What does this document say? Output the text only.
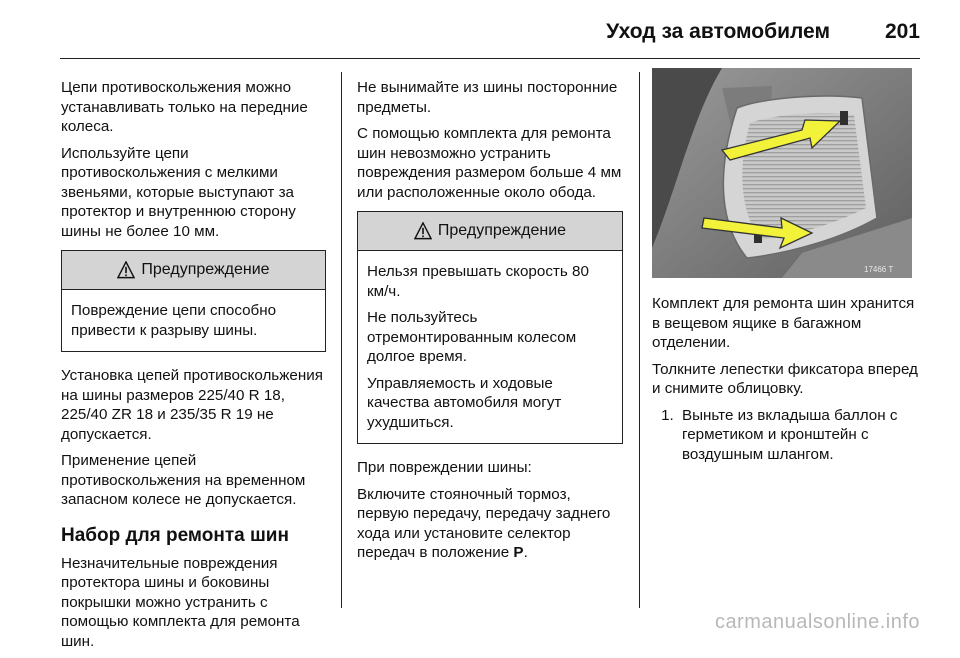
Уход за автомобилем	201

Цепи противоскольжения можно устанавливать только на передние колеса.

Используйте цепи противоскольжения с мелкими звеньями, которые выступают за протектор и внутреннюю сторону шины не более 10 мм.

Предупреждение

Повреждение цепи способно привести к разрыву шины.

Установка цепей противоскольжения на шины размеров 225/40 R 18, 225/40 ZR 18 и 235/35 R 19 не допускается.

Применение цепей противоскольжения на временном запасном колесе не допускается.

Набор для ремонта шин

Незначительные повреждения протектора шины и боковины покрышки можно устранить с помощью комплекта для ремонта шин.

Не вынимайте из шины посторонние предметы.

С помощью комплекта для ремонта шин невозможно устранить повреждения размером больше 4 мм или расположенные около обода.

Предупреждение

Нельзя превышать скорость 80 км/ч.

Не пользуйтесь отремонтированным колесом долгое время.

Управляемость и ходовые качества автомобиля могут ухудшиться.

При повреждении шины:

Включите стояночный тормоз, первую передачу, передачу заднего хода или установите селектор передач в положение P.

17466 T

Комплект для ремонта шин хранится в вещевом ящике в багажном отделении.

Толкните лепестки фиксатора вперед и снимите облицовку.

1. Выньте из вкладыша баллон с герметиком и кронштейн с воздушным шлангом.
carmanualsonline.info
